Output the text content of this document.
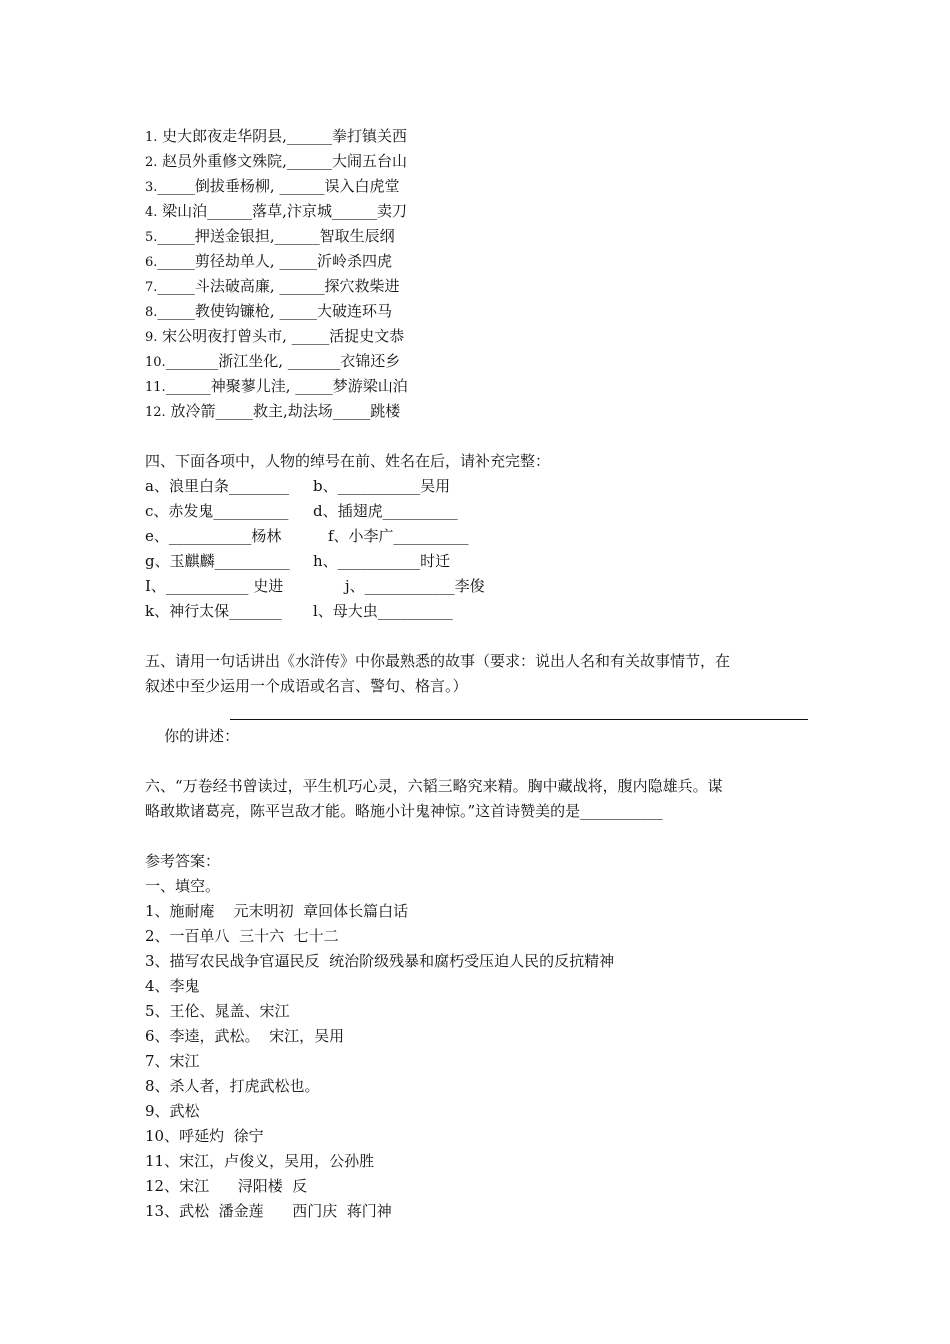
1. 史大郎夜走华阴县,______拳打镇关西
2. 赵员外重修文殊院,______大闹五台山
3._____倒拔垂杨柳, ______误入白虎堂
4. 梁山泊______落草,汴京城______卖刀
5._____押送金银担,______智取生辰纲
6._____剪径劫单人, _____沂岭杀四虎
7._____斗法破高廉, ______探穴救柴进
8._____教使钩镰枪, _____大破连环马
9. 宋公明夜打曾头市, _____活捉史文恭
10._______浙江坐化, _______衣锦还乡
11.______神聚蓼儿洼, _____梦游梁山泊
12. 放冷箭_____救主,劫法场_____跳楼
四、下面各项中，人物的绰号在前、姓名在后，请补充完整：

a、浪里白条________

b、___________吴用

c、赤发鬼__________

d、插翅虎__________

e、___________杨林

	f、小李广__________

g、玉麒麟__________

h、___________时迁

I、___________ 史进

	j、____________李俊

k、神行太保_______

l、母大虫__________

五、请用一句话讲出《水浒传》中你最熟悉的故事（要求：说出人名和有关故事情节，在
叙述中至少运用一个成语或名言、警句、格言。）

你的讲述：

六、“万卷经书曾读过，平生机巧心灵，六韬三略究来精。胸中藏战将，腹内隐雄兵。谋
略敢欺诸葛亮，陈平岂敌才能。略施小计鬼神惊。”这首诗赞美的是___________
参考答案：
一、填空。
1、施耐庵    元末明初  章回体长篇白话
2、一百单八  三十六  七十二
3、描写农民战争官逼民反  统治阶级残暴和腐朽受压迫人民的反抗精神
4、李鬼
5、王伦、晁盖、宋江
6、李逵，武松。  宋江，吴用
7、宋江
8、杀人者，打虎武松也。
9、武松
10、呼延灼  徐宁
11、宋江，卢俊义，吴用，公孙胜
12、宋江      浔阳楼  反
13、武松  潘金莲      西门庆  蒋门神
